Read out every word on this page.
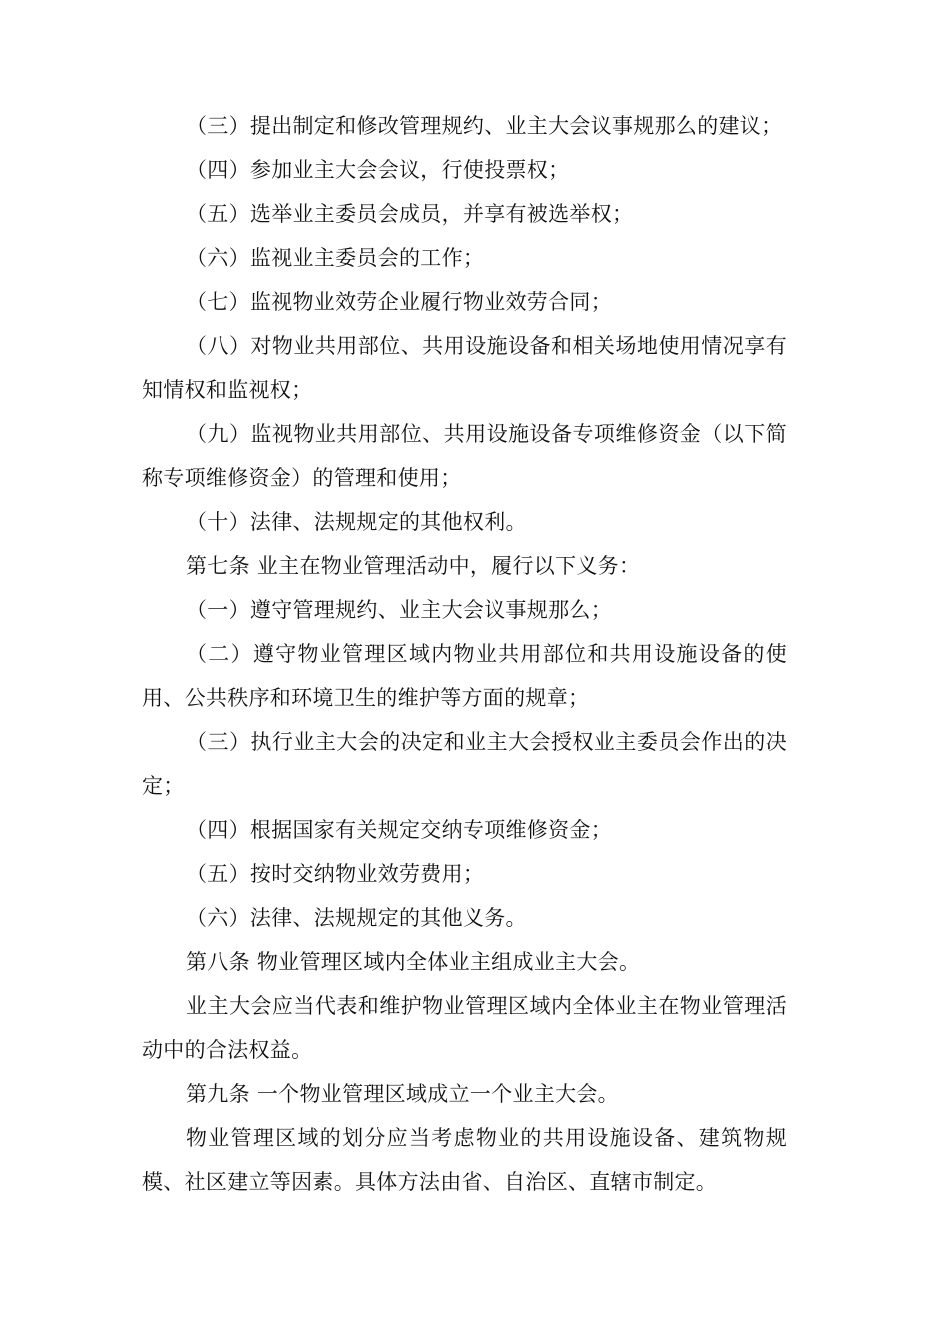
（三）提出制定和修改管理规约、业主大会议事规那么的建议；

（四）参加业主大会会议，行使投票权；

（五）选举业主委员会成员，并享有被选举权；

（六）监视业主委员会的工作；

（七）监视物业效劳企业履行物业效劳合同；

（八）对物业共用部位、共用设施设备和相关场地使用情况享有知情权和监视权；

（九）监视物业共用部位、共用设施设备专项维修资金（以下简称专项维修资金）的管理和使用；

（十）法律、法规规定的其他权利。

第七条 业主在物业管理活动中，履行以下义务：

（一）遵守管理规约、业主大会议事规那么；

（二）遵守物业管理区域内物业共用部位和共用设施设备的使用、公共秩序和环境卫生的维护等方面的规章；

（三）执行业主大会的决定和业主大会授权业主委员会作出的决定；

（四）根据国家有关规定交纳专项维修资金；

（五）按时交纳物业效劳费用；

（六）法律、法规规定的其他义务。

第八条 物业管理区域内全体业主组成业主大会。

业主大会应当代表和维护物业管理区域内全体业主在物业管理活动中的合法权益。

第九条 一个物业管理区域成立一个业主大会。

物业管理区域的划分应当考虑物业的共用设施设备、建筑物规模、社区建立等因素。具体方法由省、自治区、直辖市制定。
